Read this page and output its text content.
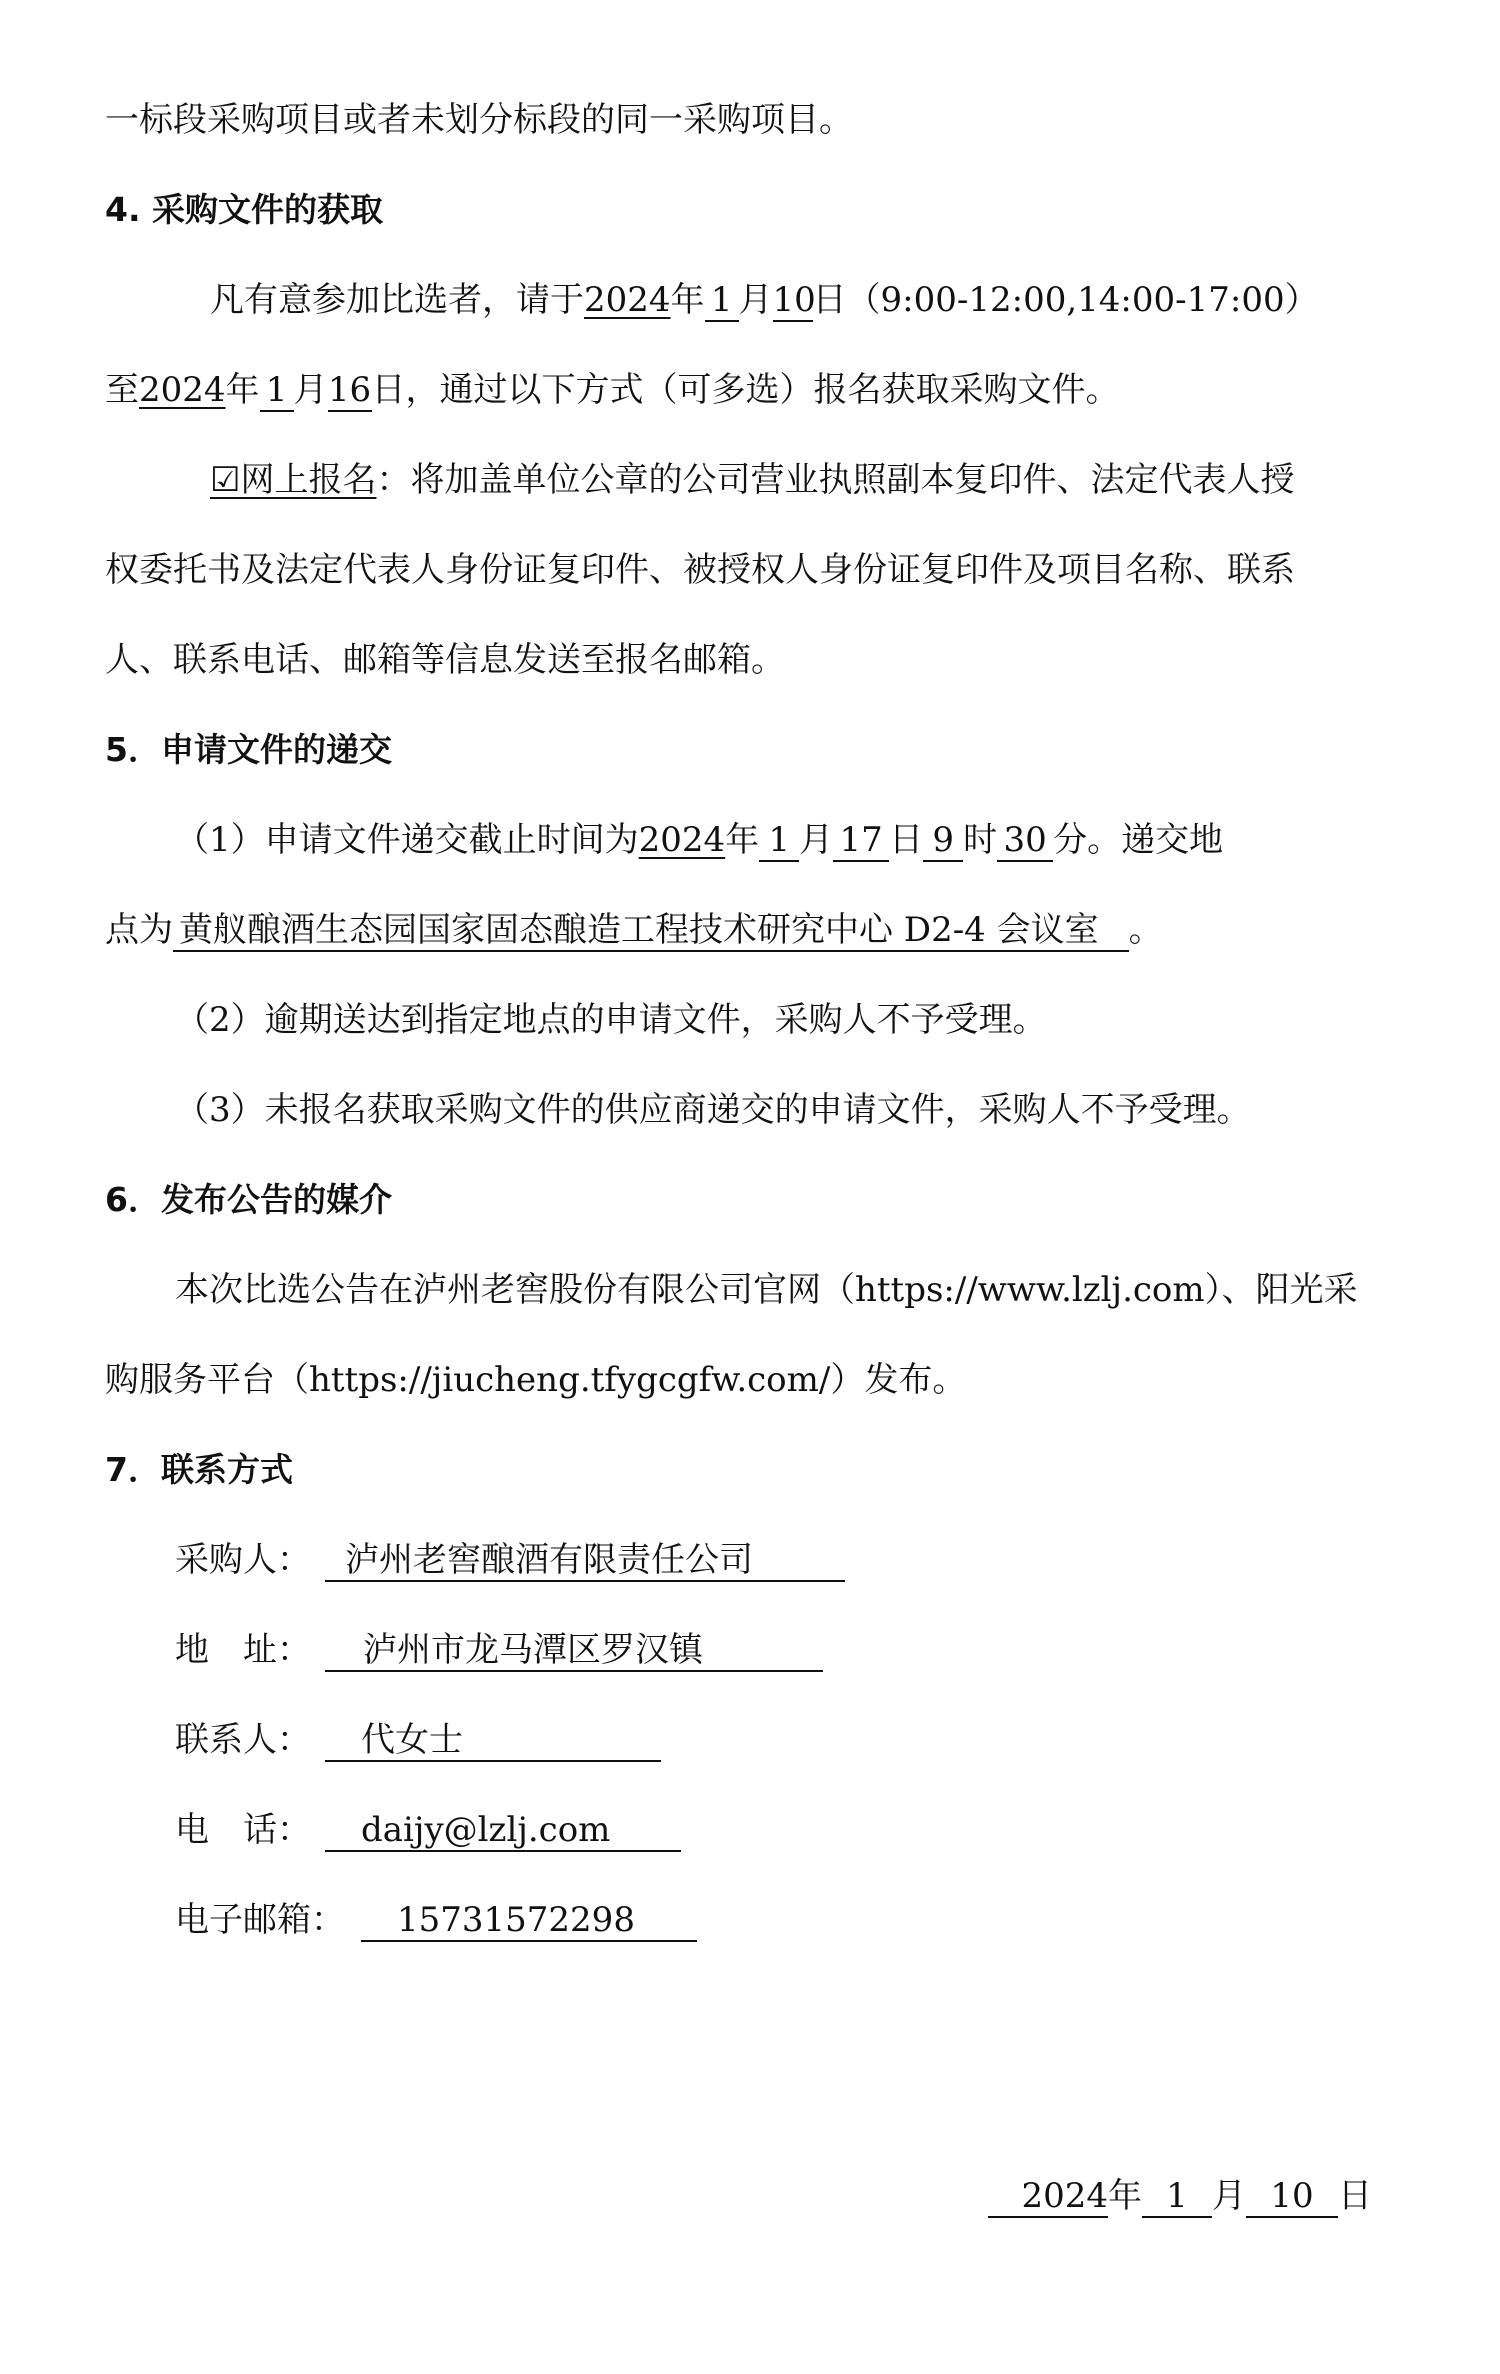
一标段采购项目或者未划分标段的同一采购项目。
4. 采购文件的获取
凡有意参加比选者，请于2024年 1 月10日（9:00-12:00,14:00-17:00）
至2024年 1 月16日，通过以下方式（可多选）报名获取采购文件。
☑网上报名：将加盖单位公章的公司营业执照副本复印件、法定代表人授
权委托书及法定代表人身份证复印件、被授权人身份证复印件及项目名称、联系
人、联系电话、邮箱等信息发送至报名邮箱。
5．申请文件的递交
（1）申请文件递交截止时间为2024年 1 月 17 日 9 时 30 分。递交地
点为 黄舣酿酒生态园国家固态酿造工程技术研究中心 D2-4 会议室 。
（2）逾期送达到指定地点的申请文件，采购人不予受理。
（3）未报名获取采购文件的供应商递交的申请文件，采购人不予受理。
6．发布公告的媒介
本次比选公告在泸州老窖股份有限公司官网（https://www.lzlj.com）、阳光采
购服务平台（https://jiucheng.tfygcgfw.com/）发布。
7．联系方式
采购人： 泸州老窖酿酒有限责任公司
地　址： 泸州市龙马潭区罗汉镇
联系人： 代女士
电　话： daijy@lzlj.com
电子邮箱： 15731572298
2024年 1 月 10 日
